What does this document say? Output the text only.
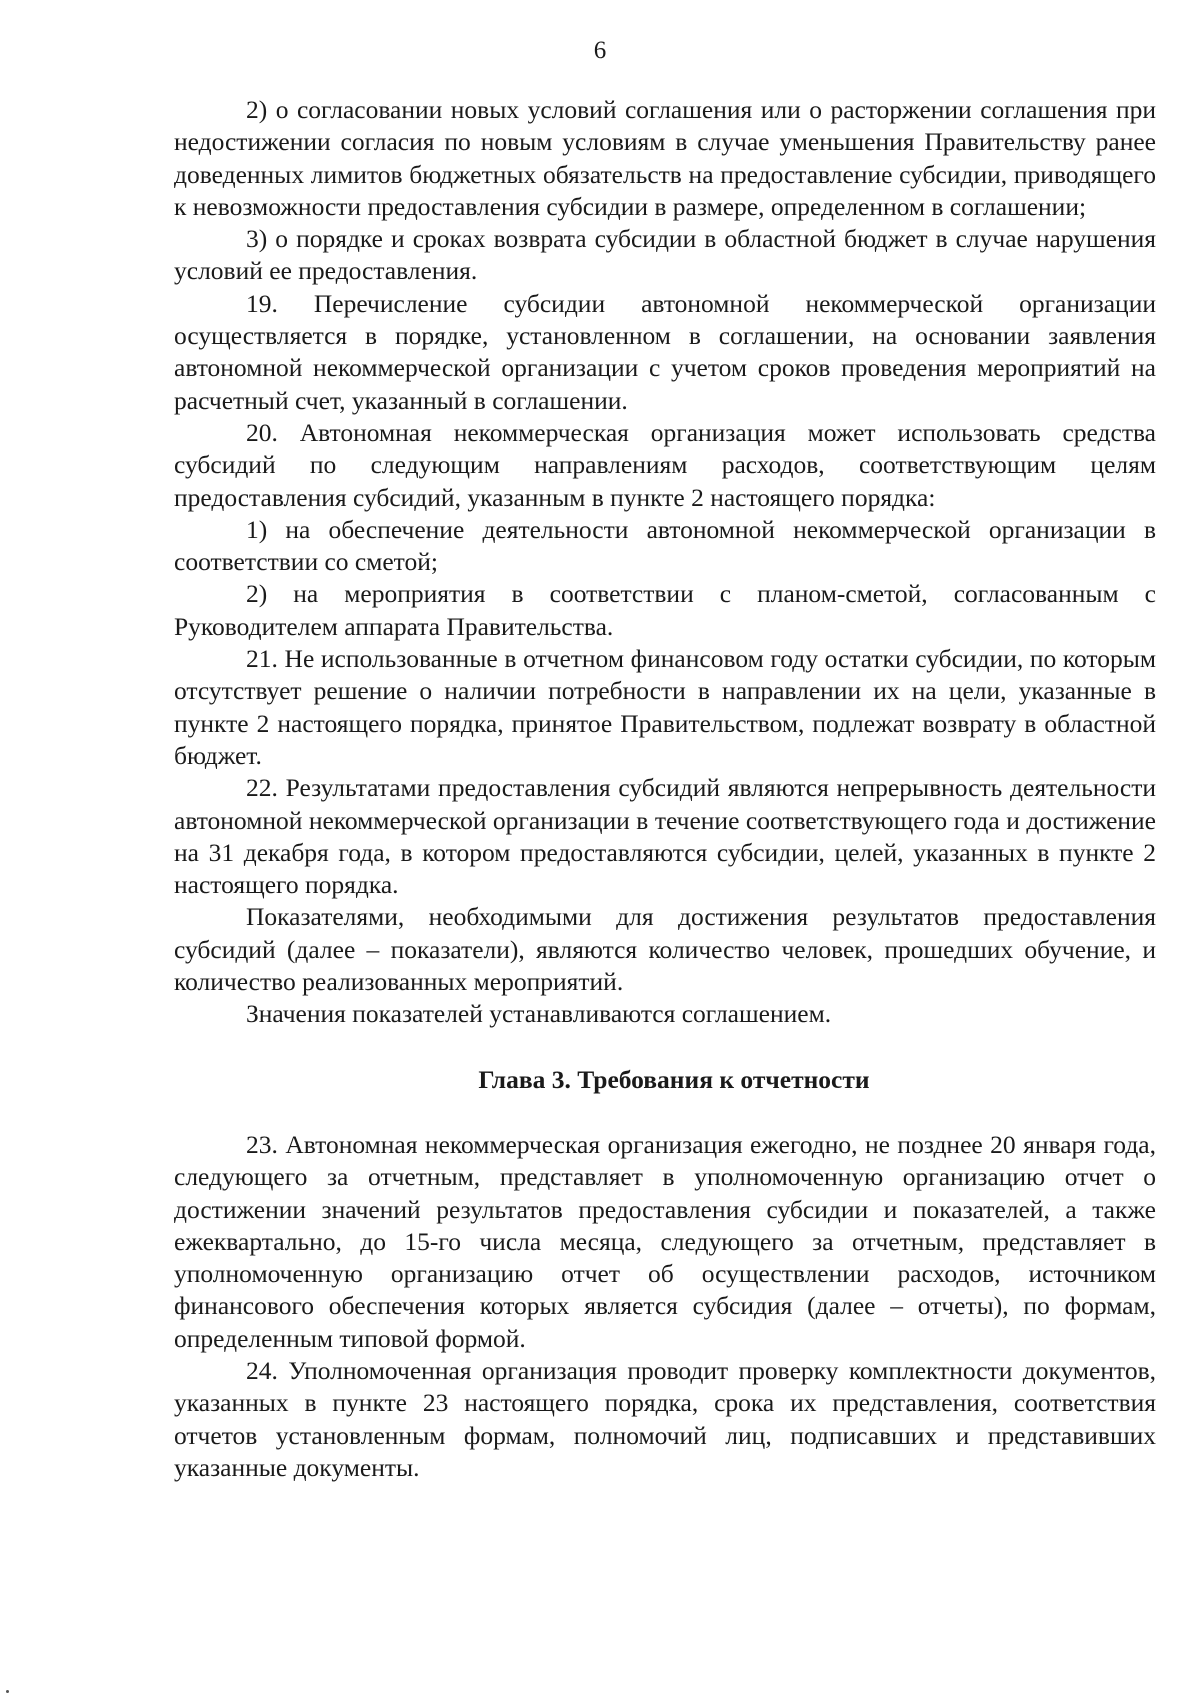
6

2) о согласовании новых условий соглашения или о расторжении соглашения при недостижении согласия по новым условиям в случае уменьшения Правительству ранее доведенных лимитов бюджетных обязательств на предоставление субсидии, приводящего к невозможности предоставления субсидии в размере, определенном в соглашении;

3) о порядке и сроках возврата субсидии в областной бюджет в случае нарушения условий ее предоставления.

19. Перечисление субсидии автономной некоммерческой организации осуществляется в порядке, установленном в соглашении, на основании заявления автономной некоммерческой организации с учетом сроков проведения мероприятий на расчетный счет, указанный в соглашении.

20. Автономная некоммерческая организация может использовать средства субсидий по следующим направлениям расходов, соответствующим целям предоставления субсидий, указанным в пункте 2 настоящего порядка:

1) на обеспечение деятельности автономной некоммерческой организации в соответствии со сметой;

2) на мероприятия в соответствии с планом-сметой, согласованным с Руководителем аппарата Правительства.

21. Не использованные в отчетном финансовом году остатки субсидии, по которым отсутствует решение о наличии потребности в направлении их на цели, указанные в пункте 2 настоящего порядка, принятое Правительством, подлежат возврату в областной бюджет.

22. Результатами предоставления субсидий являются непрерывность деятельности автономной некоммерческой организации в течение соответствующего года и достижение на 31 декабря года, в котором предоставляются субсидии, целей, указанных в пункте 2 настоящего порядка.

Показателями, необходимыми для достижения результатов предоставления субсидий (далее – показатели), являются количество человек, прошедших обучение, и количество реализованных мероприятий.

Значения показателей устанавливаются соглашением.

Глава 3. Требования к отчетности

23. Автономная некоммерческая организация ежегодно, не позднее 20 января года, следующего за отчетным, представляет в уполномоченную организацию отчет о достижении значений результатов предоставления субсидии и показателей, а также ежеквартально, до 15-го числа месяца, следующего за отчетным, представляет в уполномоченную организацию отчет об осуществлении расходов, источником финансового обеспечения которых является субсидия (далее – отчеты), по формам, определенным типовой формой.

24. Уполномоченная организация проводит проверку комплектности документов, указанных в пункте 23 настоящего порядка, срока их представления, соответствия отчетов установленным формам, полномочий лиц, подписавших и представивших указанные документы.
